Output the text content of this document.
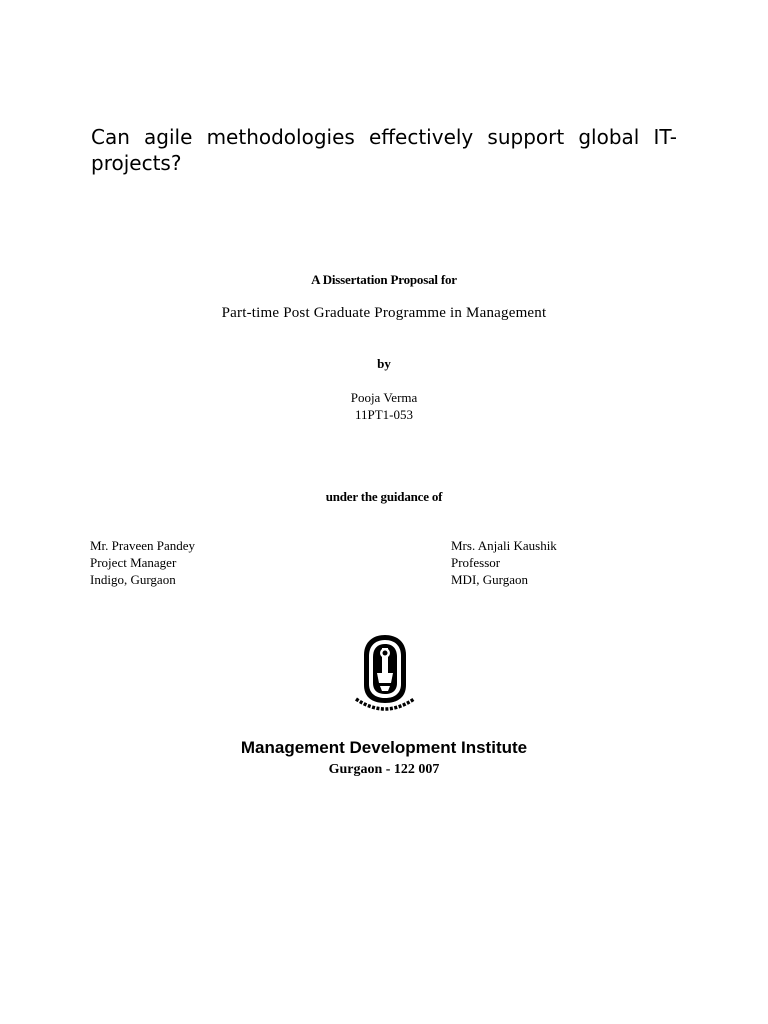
Can agile methodologies effectively support global IT-projects?

A Dissertation Proposal for

Part-time Post Graduate Programme in Management

by

Pooja Verma
11PT1-053

under the guidance of

Mr. Praveen Pandey
Project Manager
Indigo, Gurgaon
Mrs. Anjali Kaushik
Professor
MDI, Gurgaon

Management Development Institute

Gurgaon - 122 007
